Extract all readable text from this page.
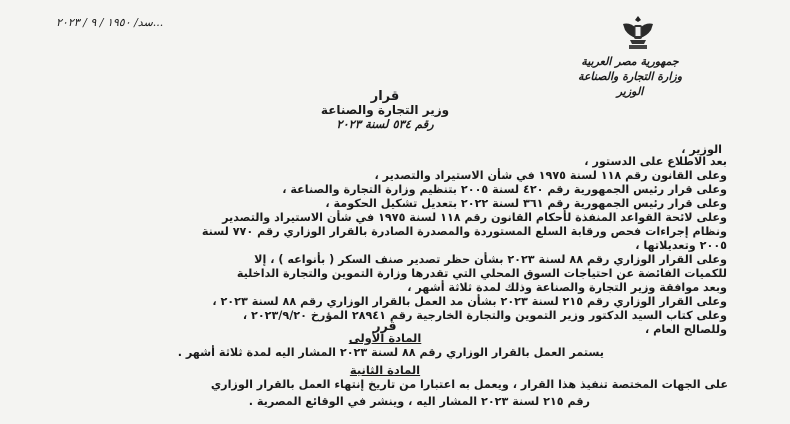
...سد/ ١٩٥٠ / ٩ / ٢٠٢٣
جمهورية مصر العربية
وزارة التجارة والصناعة
الوزير
قرار
وزير التجارة والصناعة
رقم ٥٣٤ لسنة ٢٠٢٣
الوزير ،
بعد الاطلاع على الدستور ،
وعلى القانون رقم ١١٨ لسنة ١٩٧٥ في شأن الاستيراد والتصدير ،
وعلى قرار رئيس الجمهورية رقم ٤٢٠ لسنة ٢٠٠٥ بتنظيم وزارة التجارة والصناعة ،
وعلى قرار رئيس الجمهورية رقم ٣٦١ لسنة ٢٠٢٢ بتعديل تشكيل الحكومة ،
وعلى لائحة القواعد المنفذة لأحكام القانون رقم ١١٨ لسنة ١٩٧٥ في شأن الاستيراد والتصدير
ونظام إجراءات فحص ورقابة السلع المستوردة والمصدرة الصادرة بالقرار الوزاري رقم ٧٧٠ لسنة
٢٠٠٥ وتعديلاتها ،
وعلى القرار الوزاري رقم ٨٨ لسنة ٢٠٢٣ بشأن حظر تصدير صنف السكر ( بأنواعه ) ، إلا
للكميات الفائضة عن احتياجات السوق المحلي التي تقدرها وزارة التموين والتجارة الداخلية
وبعد موافقة وزير التجارة والصناعة وذلك لمدة ثلاثة أشهر ،
وعلى القرار الوزاري رقم ٢١٥ لسنة ٢٠٢٣ بشأن مد العمل بالقرار الوزاري رقم ٨٨ لسنة ٢٠٢٣ ،
وعلى كتاب السيد الدكتور وزير التموين والتجارة الخارجية رقم ٢٨٩٤١ المؤرخ ٢٠٢٣/٩/٢٠ ،
وللصالح العام ،
قرر
المادة الأولى
يستمر العمل بالقرار الوزاري رقم ٨٨ لسنة ٢٠٢٣ المشار اليه لمدة ثلاثة أشهر .
المادة الثانية
على الجهات المختصة تنفيذ هذا القرار ، ويعمل به اعتبارا من تاريخ إنتهاء العمل بالقرار الوزاري
رقم ٢١٥ لسنة ٢٠٢٣ المشار اليه ، وينشر في الوقائع المصرية .
